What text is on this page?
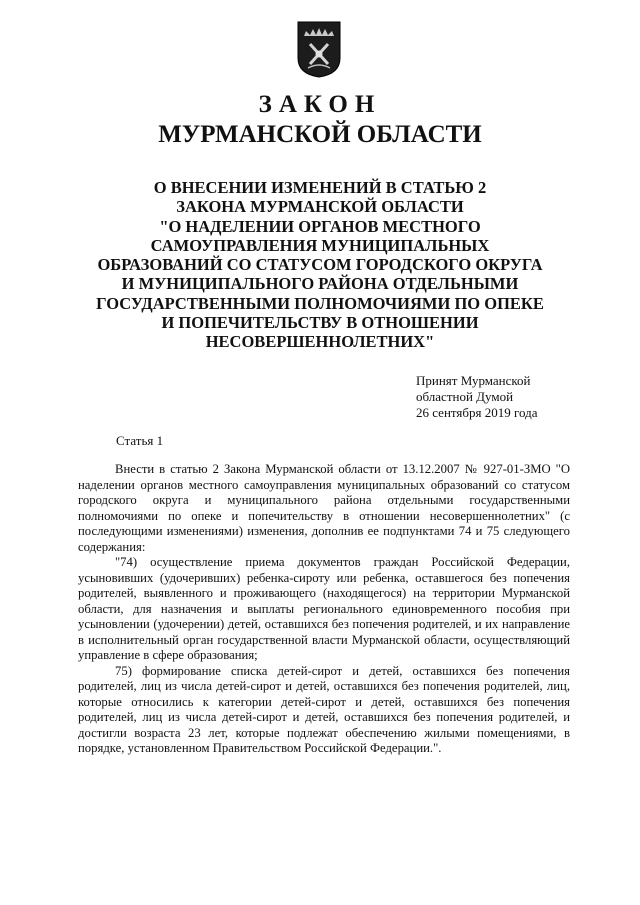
ЗАКОН
МУРМАНСКОЙ ОБЛАСТИ
О ВНЕСЕНИИ ИЗМЕНЕНИЙ В СТАТЬЮ 2
ЗАКОНА МУРМАНСКОЙ ОБЛАСТИ
"О НАДЕЛЕНИИ ОРГАНОВ МЕСТНОГО
САМОУПРАВЛЕНИЯ МУНИЦИПАЛЬНЫХ
ОБРАЗОВАНИЙ СО СТАТУСОМ ГОРОДСКОГО ОКРУГА
И МУНИЦИПАЛЬНОГО РАЙОНА ОТДЕЛЬНЫМИ
ГОСУДАРСТВЕННЫМИ ПОЛНОМОЧИЯМИ ПО ОПЕКЕ
И ПОПЕЧИТЕЛЬСТВУ В ОТНОШЕНИИ
НЕСОВЕРШЕННОЛЕТНИХ"
Принят Мурманской
областной Думой
26 сентября 2019 года
Статья 1

Внести в статью 2 Закона Мурманской области от 13.12.2007 № 927-01-ЗМО "О наделении органов местного самоуправления муниципальных образований со статусом городского округа и муниципального района отдельными государственными полномочиями по опеке и попечительству в отношении несовершеннолетних" (с последующими изменениями) изменения, дополнив ее подпунктами 74 и 75 следующего содержания:

"74) осуществление приема документов граждан Российской Федерации, усыновивших (удочеривших) ребенка-сироту или ребенка, оставшегося без попечения родителей, выявленного и проживающего (находящегося) на территории Мурманской области, для назначения и выплаты регионального единовременного пособия при усыновлении (удочерении) детей, оставшихся без попечения родителей, и их направление в исполнительный орган государственной власти Мурманской области, осуществляющий управление в сфере образования;

75) формирование списка детей-сирот и детей, оставшихся без попечения родителей, лиц из числа детей-сирот и детей, оставшихся без попечения родителей, лиц, которые относились к категории детей-сирот и детей, оставшихся без попечения родителей, лиц из числа детей-сирот и детей, оставшихся без попечения родителей, и достигли возраста 23 лет, которые подлежат обеспечению жилыми помещениями, в порядке, установленном Правительством Российской Федерации.".
